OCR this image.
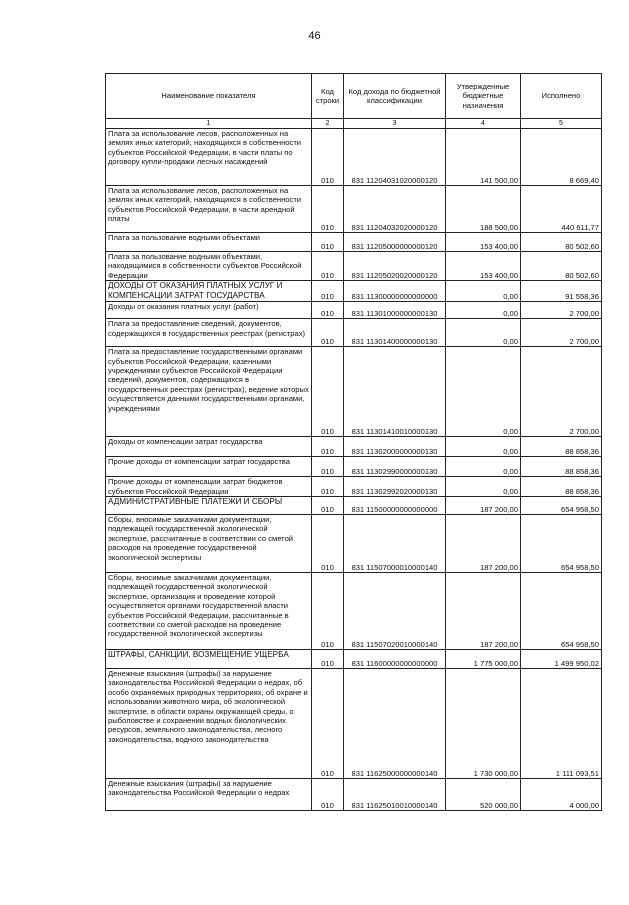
46
Наименование показателя	Код строки	Код дохода по бюджетной классификации	Утвержденные бюджетные назначения	Исполнено
1	2	3	4	5
Плата за использование лесов, расположенных на землях иных категорий, находящихся в собственности субъектов Российской Федерации, в части платы по договору купли-продажи лесных насаждений	010	831 11204031020000120	141 500,00	8 669,40
Плата за использование лесов, расположенных на землях иных категорий, находящихся в собственности субъектов Российской Федерации, в части арендной платы	010	831 11204032020000120	188 500,00	440 611,77
Плата за пользование водными объектами	010	831 11205000000000120	153 400,00	80 502,60
Плата за пользование водными объектами, находящимися в собственности субъектов Российской Федерации	010	831 11205020020000120	153 400,00	80 502,60
ДОХОДЫ ОТ ОКАЗАНИЯ ПЛАТНЫХ УСЛУГ И КОМПЕНСАЦИИ ЗАТРАТ ГОСУДАРСТВА	010	831 11300000000000000	0,00	91 558,36
Доходы от оказания платных услуг (работ)	010	831 11301000000000130	0,00	2 700,00
Плата за предоставление сведений, документов, содержащихся в государственных реестрах (регистрах)	010	831 11301400000000130	0,00	2 700,00
Плата за предоставление государственными органами субъектов Российской Федерации, казенными учреждениями субъектов Российской Федерации сведений, документов, содержащихся в государственных реестрах (регистрах), ведение которых осуществляется данными государственными органами, учреждениями	010	831 11301410010000130	0,00	2 700,00
Доходы от компенсации затрат государства	010	831 11302000000000130	0,00	88 858,36
Прочие доходы от компенсации затрат государства	010	831 11302990000000130	0,00	88 858,36
Прочие доходы от компенсации затрат бюджетов субъектов Российской Федерации	010	831 11302992020000130	0,00	88 858,36
АДМИНИСТРАТИВНЫЕ ПЛАТЕЖИ И СБОРЫ	010	831 11500000000000000	187 200,00	654 958,50
Сборы, вносимые заказчиками документации, подлежащей государственной экологической экспертизе, рассчитанные в соответствии со сметой расходов на проведение государственной экологической экспертизы	010	831 11507000010000140	187 200,00	654 958,50
Сборы, вносимые заказчиками документации, подлежащей государственной экологической экспертизе, организация и проведение которой осуществляется органами государственной власти субъектов Российской Федерации, рассчитанные в соответствии со сметой расходов на проведение государственной экологической экспертизы	010	831 11507020010000140	187 200,00	654 958,50
ШТРАФЫ, САНКЦИИ, ВОЗМЕЩЕНИЕ УЩЕРБА	010	831 11600000000000000	1 775 000,00	1 499 950,02
Денежные взыскания (штрафы) за нарушение законодательства Российской Федерации о недрах, об особо охраняемых природных территориях, об охране и использовании животного мира, об экологической экспертизе, в области охраны окружающей среды, о рыболовстве и сохранении водных биологических ресурсов, земельного законодательства, лесного законодательства, водного законодательства	010	831 11625000000000140	1 730 000,00	1 111 093,51
Денежные взыскания (штрафы) за нарушение законодательства Российской Федерации о недрах	010	831 11625010010000140	520 000,00	4 000,00
